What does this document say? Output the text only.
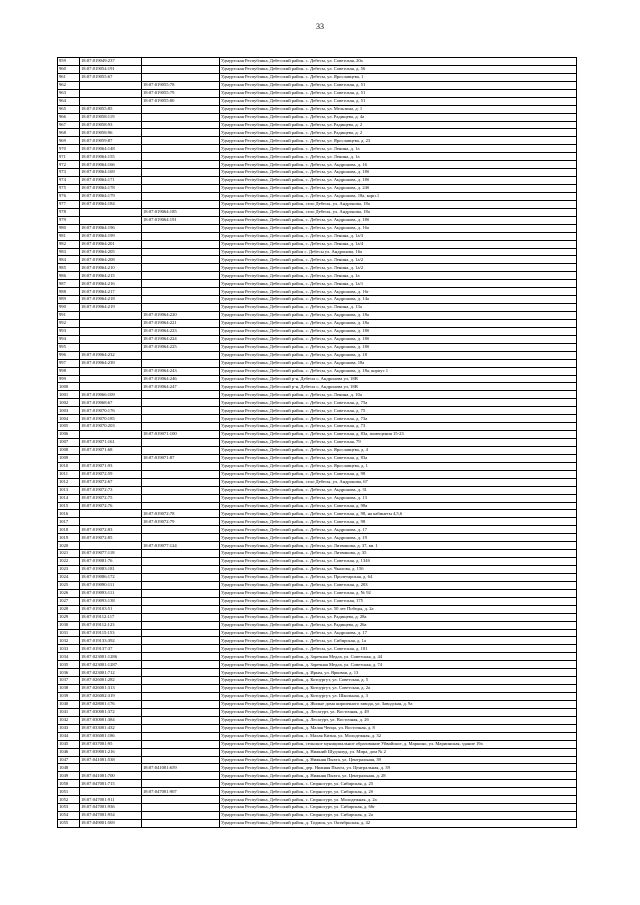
33
959	18:07:019049:237		Удмуртская Республика, Дебесский район, с. Дебесы, ул. Советская, 20а
960	18:07:019054:191		Удмуртская Республика, Дебесский район, с. Дебесы, ул. Советская, д. 56
961	18:07:019055:67		Удмуртская Республика, Дебесский район, с. Дебесы, ул. Ярославцева, 1
962		18:07:019055:78	Удмуртская Республика, Дебесский район, с. Дебесы, ул. Советская, д. 51
963		18:07:019055:79	Удмуртская Республика, Дебесский район, с. Дебесы, ул. Советская, д. 51
964		18:07:019055:80	Удмуртская Республика, Дебесский район, с. Дебесы, ул. Советская, д. 51
965	18:07:019055:85		Удмуртская Республика, Дебесский район, с. Дебесы, ул. Мельзина, д. 1
966	18:07:019058:119		Удмуртская Республика, Дебесский район, с. Дебесы, ул. Радищева, д. 4а
967	18:07:019058:93		Удмуртская Республика, Дебесский район, с. Дебесы, ул. Радищева, д. 2
968	18:07:019058:96		Удмуртская Республика, Дебесский район, с. Дебесы, ул. Радищева, д. 2
969	18:07:019059:87		Удмуртская Республика, Дебесский район, с. Дебесы, ул. Ярославцева, д. 23
970	18:07:019064:148		Удмуртская Республика, Дебесский район, с. Дебесы, ул. Ленина, д. 1а
971	18:07:019064:155		Удмуртская Республика, Дебесский район, с. Дебесы, ул. Ленина, д. 1а
972	18:07:019064:166		Удмуртская Республика, Дебесский район, с. Дебесы, ул. Андронова, д. 16
973	18:07:019064:169		Удмуртская Республика, Дебесский район, с. Дебесы, ул. Андронова, д. 18б
974	18:07:019064:171		Удмуртская Республика, Дебесский район, с. Дебесы, ул. Андронова, д. 18б
975	18:07:019064:178		Удмуртская Республика, Дебесский район, с. Дебесы, ул. Андронова, д. 24б
976	18:07:019064:179		Удмуртская Республика, Дебесский район, с. Дебесы, ул. Андронова, 18а, корп.1
977	18:07:019064:184		Удмуртская Республика, Дебесский район, село Дебесы, ул. Андронова, 18а
978		18:07:019064:185	Удмуртская Республика, Дебесский район, село Дебесы, ул. Андронова, 18а
979		18:07:019064:191	Удмуртская Республика, Дебесский район, с. Дебесы, ул. Андронова, д. 18б
980	18:07:019064:196		Удмуртская Республика, Дебесский район, с. Дебесы, ул. Андронова, д. 16а
981	18:07:019064:199		Удмуртская Республика, Дебесский район, с. Дебесы, ул. Ленина, д. 1а/3
982	18:07:019064:201		Удмуртская Республика, Дебесский район, с. Дебесы, ул. Ленина, д. 1а/4
983	18:07:019064:205		Удмуртская Республика, Дебесский район с. Дебесы ул. Андронова, 16а
984	18:07:019064:208		Удмуртская Республика, Дебесский район, с. Дебесы, ул. Ленина, д. 1а/2
985	18:07:019064:210		Удмуртская Республика, Дебесский район, с. Дебесы, ул. Ленина, д. 1а/2
986	18:07:019064:215		Удмуртская Республика, Дебесский район, с. Дебесы, ул. Ленина, д. 1а
987	18:07:019064:216		Удмуртская Республика, Дебесский район, с. Дебесы, ул. Ленина, д. 1а/1
988	18:07:019064:217		Удмуртская Республика, Дебесский район, с. Дебесы, ул. Андронова, д. 16г
989	18:07:019064:218		Удмуртская Республика, Дебесский район, с. Дебесы, ул. Андронова, д. 14а
990	18:07:019064:219		Удмуртская Республика, Дебесский район, с. Дебесы, ул. Ленина, д. 13а
991		18:07:019064:220	Удмуртская Республика, Дебесский район, с. Дебесы, ул. Андронова, д. 18а
992		18:07:019064:221	Удмуртская Республика, Дебесский район, с. Дебесы, ул. Андронова, д. 18а
993		18:07:019064:223	Удмуртская Республика, Дебесский район, с. Дебесы, ул. Андронова, д. 18б
994		18:07:019064:224	Удмуртская Республика, Дебесский район, с. Дебесы, ул. Андронова, д. 18б
995		18:07:019064:225	Удмуртская Республика, Дебесский район, с. Дебесы, ул. Андронова, д. 18б
996	18:07:019064:232		Удмуртская Республика, Дебесский район, с. Дебесы, ул. Андронова, д. 18
997	18:07:019064:239		Удмуртская Республика, Дебесский район, с. Дебесы, ул. Андронова, 18а
998		18:07:019064:243	Удмуртская Республика, Дебесский район, с. Дебесы, ул. Андронова, д. 18а, корпус 1
999		18:07:019064:246	Удмуртская Республика, Дебесский р-н, Дебесы с, Андронова ул, 18В
1000		18:07:019064:247	Удмуртская Республика, Дебесский р-н, Дебесы с, Андронова ул, 18В
1001	18:07:019066:109		Удмуртская Республика, Дебесский район, с. Дебесы, ул. Ленина, д. 10а
1002	18:07:019068:67		Удмуртская Республика, Дебесский район, с. Дебесы, ул. Советская, д. 75а
1003	18:07:019070:176		Удмуртская Республика, Дебесский район, с. Дебесы, ул. Советская, д. 75
1004	18:07:019070:185		Удмуртская Республика, Дебесский район, с. Дебесы, ул. Советская, д. 73а
1005	18:07:019070:203		Удмуртская Республика, Дебесский район, с. Дебесы, ул. Советская, д. 73
1006		18:07:019071:100	Удмуртская Республика, Дебесский район, с. Дебесы, ул. Советская, д. 83а, помещения 15-23
1007	18:07:019071:161		Удмуртская Республика, Дебесский район, с. Дебесы, ул. Советская, 79
1008	18:07:019071:68		Удмуртская Республика, Дебесский район, с. Дебесы, ул. Ярославцева, д. 4
1009		18:07:019071:87	Удмуртская Республика, Дебесский район, с. Дебесы, ул. Советская, д. 83а
1010	18:07:019071:93		Удмуртская Республика, Дебесский район, с. Дебесы, ул. Ярославцева, д. 1
1011	18:07:019072:59		Удмуртская Республика, Дебесский район, с. Дебесы, ул. Советская, д. 98
1012	18:07:019072:67		Удмуртская Республика, Дебесский район, село Дебесы, ул. Андронова, 67
1013	18:07:019072:73		Удмуртская Республика, Дебесский район, с. Дебесы, ул. Андронова, д. 31
1014	18:07:019072:75		Удмуртская Республика, Дебесский район, с. Дебесы, ул. Андронова, д. 13
1015	18:07:019072:76		Удмуртская Республика, Дебесский район, с. Дебесы, ул. Советская, д. 98а
1016		18:07:019072:78	Удмуртская Республика, Дебесский район, с. Дебесы, ул. Советская, д. 98, на кабинеты 4,5,6
1017		18:07:019072:79	Удмуртская Республика, Дебесский район, с. Дебесы, ул. Советская, д. 98
1018	18:07:019072:83		Удмуртская Республика, Дебесский район, с. Дебесы, ул. Андронова, д. 17
1019	18:07:019072:85		Удмуртская Республика, Дебесский район, с. Дебесы, ул. Андронова, д. 19
1020		18:07:019077:124	Удмуртская Республика, Дебесский район, с. Дебесы, ул. Литвинова, д. 37, кв. 1
1021	18:07:019077:118		Удмуртская Республика, Дебесский район, с. Дебесы, ул. Литвинова, д. 35
1022	18:07:019081:76		Удмуртская Республика, Дебесский район, с. Дебесы, ул. Советская, д. 134б
1023	18:07:019083:181		Удмуртская Республика, Дебесский район, с. Дебесы, ул. Чкалова, д. 156
1024	18:07:019086:172		Удмуртская Республика, Дебесский район, с. Дебесы, ул. Пролетарская, д. 64
1025	18:07:019090:111		Удмуртская Республика, Дебесский район, с. Дебесы, ул. Советская, д. 203
1026	18:07:019093:111		Удмуртская Республика, Дебесский район, с. Дебесы, ул. Советская, д. № 92
1027	18:07:019093:138		Удмуртская Республика, Дебесский район, с. Дебесы, ул. Советская, 175
1028	18:07:019103:51		Удмуртская Республика, Дебесский район, с. Дебесы, ул. 50 лет Победы, д. 2а
1029	18:07:019112:117		Удмуртская Республика, Дебесский район, с. Дебесы, ул. Радищева, д. 28а
1030	18:07:019112:123		Удмуртская Республика, Дебесский район, с. Дебесы, ул. Радищева, д. 26а
1031	18:07:019115:153		Удмуртская Республика, Дебесский район, с. Дебесы, ул. Андронова, д. 17
1032	18:07:019133:392		Удмуртская Республика, Дебесский район, с. Дебесы, ул. Сибирская, д. 1а
1033	18:07:019137:37		Удмуртская Республика, Дебесский район, с. Дебесы, ул. Советская, д. 181
1034	18:07:023001:1286		Удмуртская Республика, Дебесский район, д. Заречная Медла, ул. Советская, д. 44
1035	18:07:023001:1287		Удмуртская Республика, Дебесский район, д. Заречная Медла, ул. Советская, д. 74
1036	18:07:023001:712		Удмуртская Республика, Дебесский район, д. Ирым, ул. Ярковая, д. 13
1037	18:07:026001:282		Удмуртская Республика, Дебесский район, д. Котоургут, ул. Советская, д. 5
1038	18:07:026001:313		Удмуртская Республика, Дебесский район, д. Котоургут, ул. Советская, д. 2а
1039	18:07:026002:319		Удмуртская Республика, Дебесский район, д. Котоургут, ул. Школьная, д. 3
1040	18:07:028001:176		Удмуртская Республика, Дебесский район, д. Жилые дома кирпичного завода, ул. Заводская, д. 9а
1041	18:07:030001:372		Удмуртская Республика, Дебесский район, д. Лесагурт, ул. Восточная, д. 49
1042	18:07:030001:384		Удмуртская Республика, Дебесский район, д. Лесагурт, ул. Восточная, д. 2б
1043	18:07:033001:432		Удмуртская Республика, Дебесский район, д. Малая Чепца, ул. Восточная, д. 8
1044	18:07:036001:186		Удмуртская Республика, Дебесский район, с. Малая Кизня, ул. Молодежная, д. 32
1045	18:07:037001:95		Удмуртская Республика, Дебесский район, сельское муниципальное образование Уйвайское, д. Маркино, ул. Мариинская, здание 19а
1046	18:07:039001:216		Удмуртская Республика, Дебесский район, д. Нижний Шудзялуд, ул. Мира, дом № 2
1047	18:07:041001:538		Удмуртская Республика, Дебесский район, д. Нижняя Пыхта, ул. Центральная, 39
1048		18:07:041001:659	Удмуртская Республика, Дебесский район, дер. Нижняя Пыхта, ул. Центральная, д. 39
1049	18:07:041001:700		Удмуртская Республика, Дебесский район, д. Нижняя Пыхта, ул. Центральная, д. 28
1050	18:07:047001:715		Удмуртская Республика, Дебесский район, с. Сюрногурт, ул. Сибирская, д. 25
1051		18:07:047001:907	Удмуртская Республика, Дебесский район, с. Сюрногурт, ул. Сибирская, д. 2б
1052	18:07:047001:911		Удмуртская Республика, Дебесский район, с. Сюрногурт, ул. Молодежная, д. 2а
1053	18:07:047001:936		Удмуртская Республика, Дебесский район, с. Сюрногурт, ул. Сибирская, д. 66г
1054	18:07:047001:954		Удмуртская Республика, Дебесский район, с. Сюрногурт, ул. Сибирская, д. 2а
1055	18:07:049001:569		Удмуртская Республика, Дебесский район, д. Тодмон, ул. Октябрьская, д. 42
